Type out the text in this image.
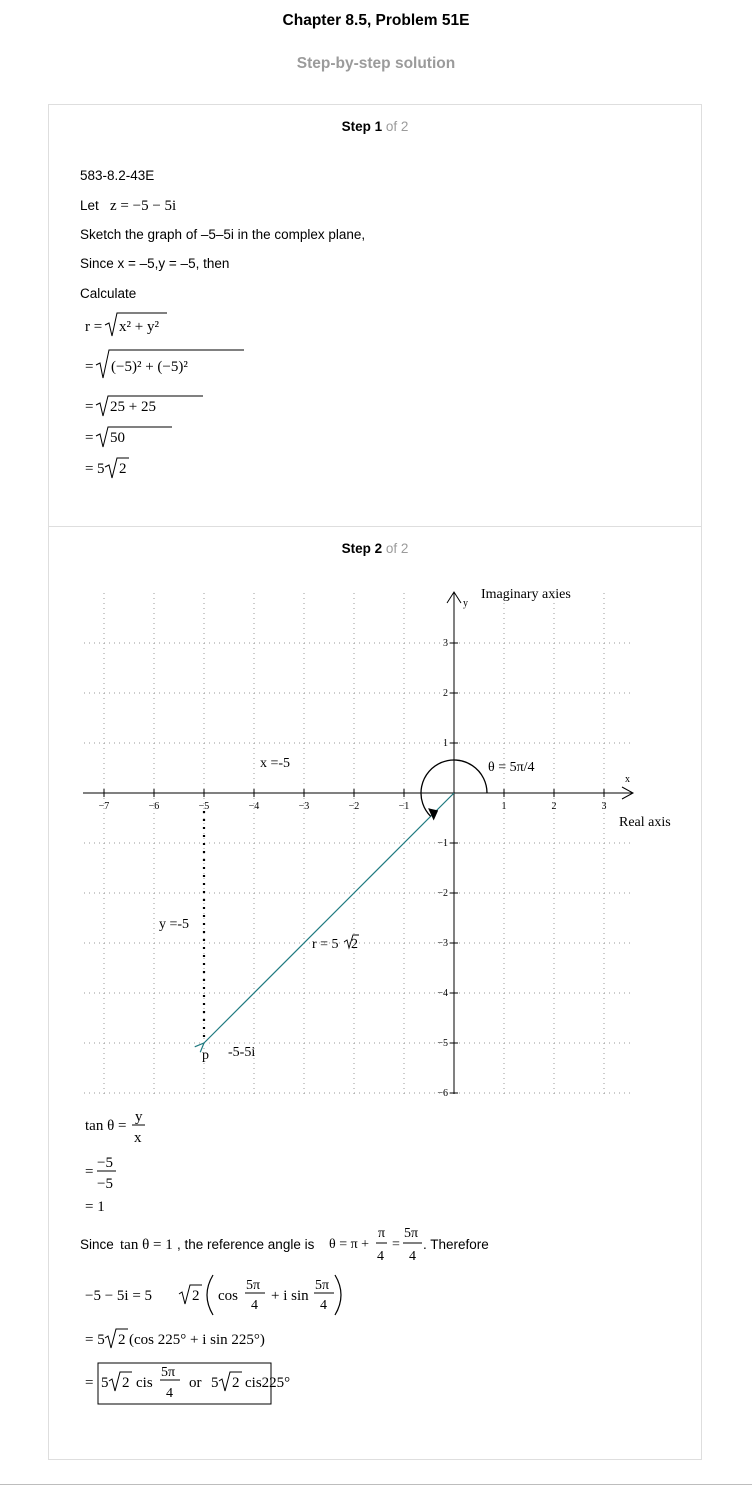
Chapter 8.5, Problem 51E
Step-by-step solution
Step 1 of 2
583-8.2-43E
Let z = −5 − 5i
Sketch the graph of –5–5i in the complex plane,
Since x = –5,y = –5, then
Calculate
r = x² + y²
= (−5)² + (−5)²
= 25 + 25
= 50
= 5 2
Step 2 of 2
−7	−6	−5	−4	−3	−2	−1	1	2	3
3
2
1
−1
−2
−3
−4
−5
−6
Imaginary axies
Real axis
θ = 5π/4
x =-5
y =-5
r = 5 2
p -5-5i
x
y
tan θ =
y
x
=
−5
−5
= 1
Since tan θ = 1 , the reference angle is θ = π +
π
4
=
5π
4
. Therefore
−5 − 5i = 5	2 cos
5π
4
+ i sin
5π
4
= 5 2 (cos 225° + i sin 225°)
= 5 2 cis
5π
4
or 5 2 cis225°
